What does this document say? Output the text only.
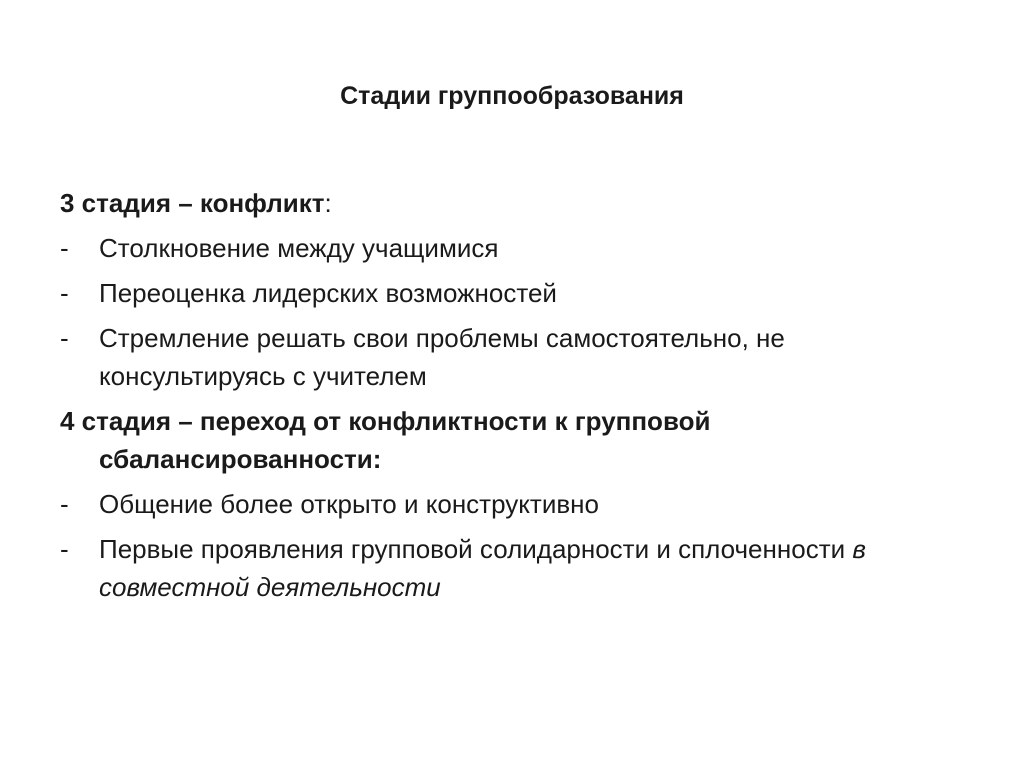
Стадии группообразования
3 стадия – конфликт:
- Столкновение между учащимися
- Переоценка лидерских возможностей
- Стремление решать свои проблемы самостоятельно, не консультируясь с учителем
4 стадия – переход от конфликтности к групповой сбалансированности:
- Общение более открыто и конструктивно
- Первые проявления групповой солидарности и сплоченности в совместной деятельности
